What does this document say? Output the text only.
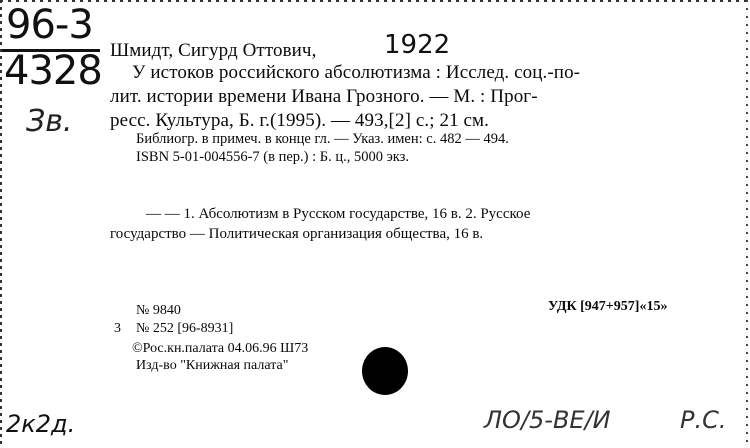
96-3
4328
Зв.
Шмидт, Сигурд Оттович,	1922
У истоков российского абсолютизма : Исслед. соц.-по-
лит. истории времени Ивана Грозного. — М. : Прог-
ресс. Культура, Б. г.(1995). — 493,[2] с.; 21 см.
Библиогр. в примеч. в конце гл. — Указ. имен: с. 482 — 494.
ISBN 5-01-004556-7 (в пер.) : Б. ц., 5000 экз.
— — 1. Абсолютизм в Русском государстве, 16 в. 2. Русское
государство — Политическая организация общества, 16 в.
№ 9840	УДК [947+957]«15»
3 № 252 [96-8931]
©Рос.кн.палата 04.06.96 Ш73
Изд-во "Книжная палата"
2к2д.	ЛО/5-ВЕ/И	Р.С.
